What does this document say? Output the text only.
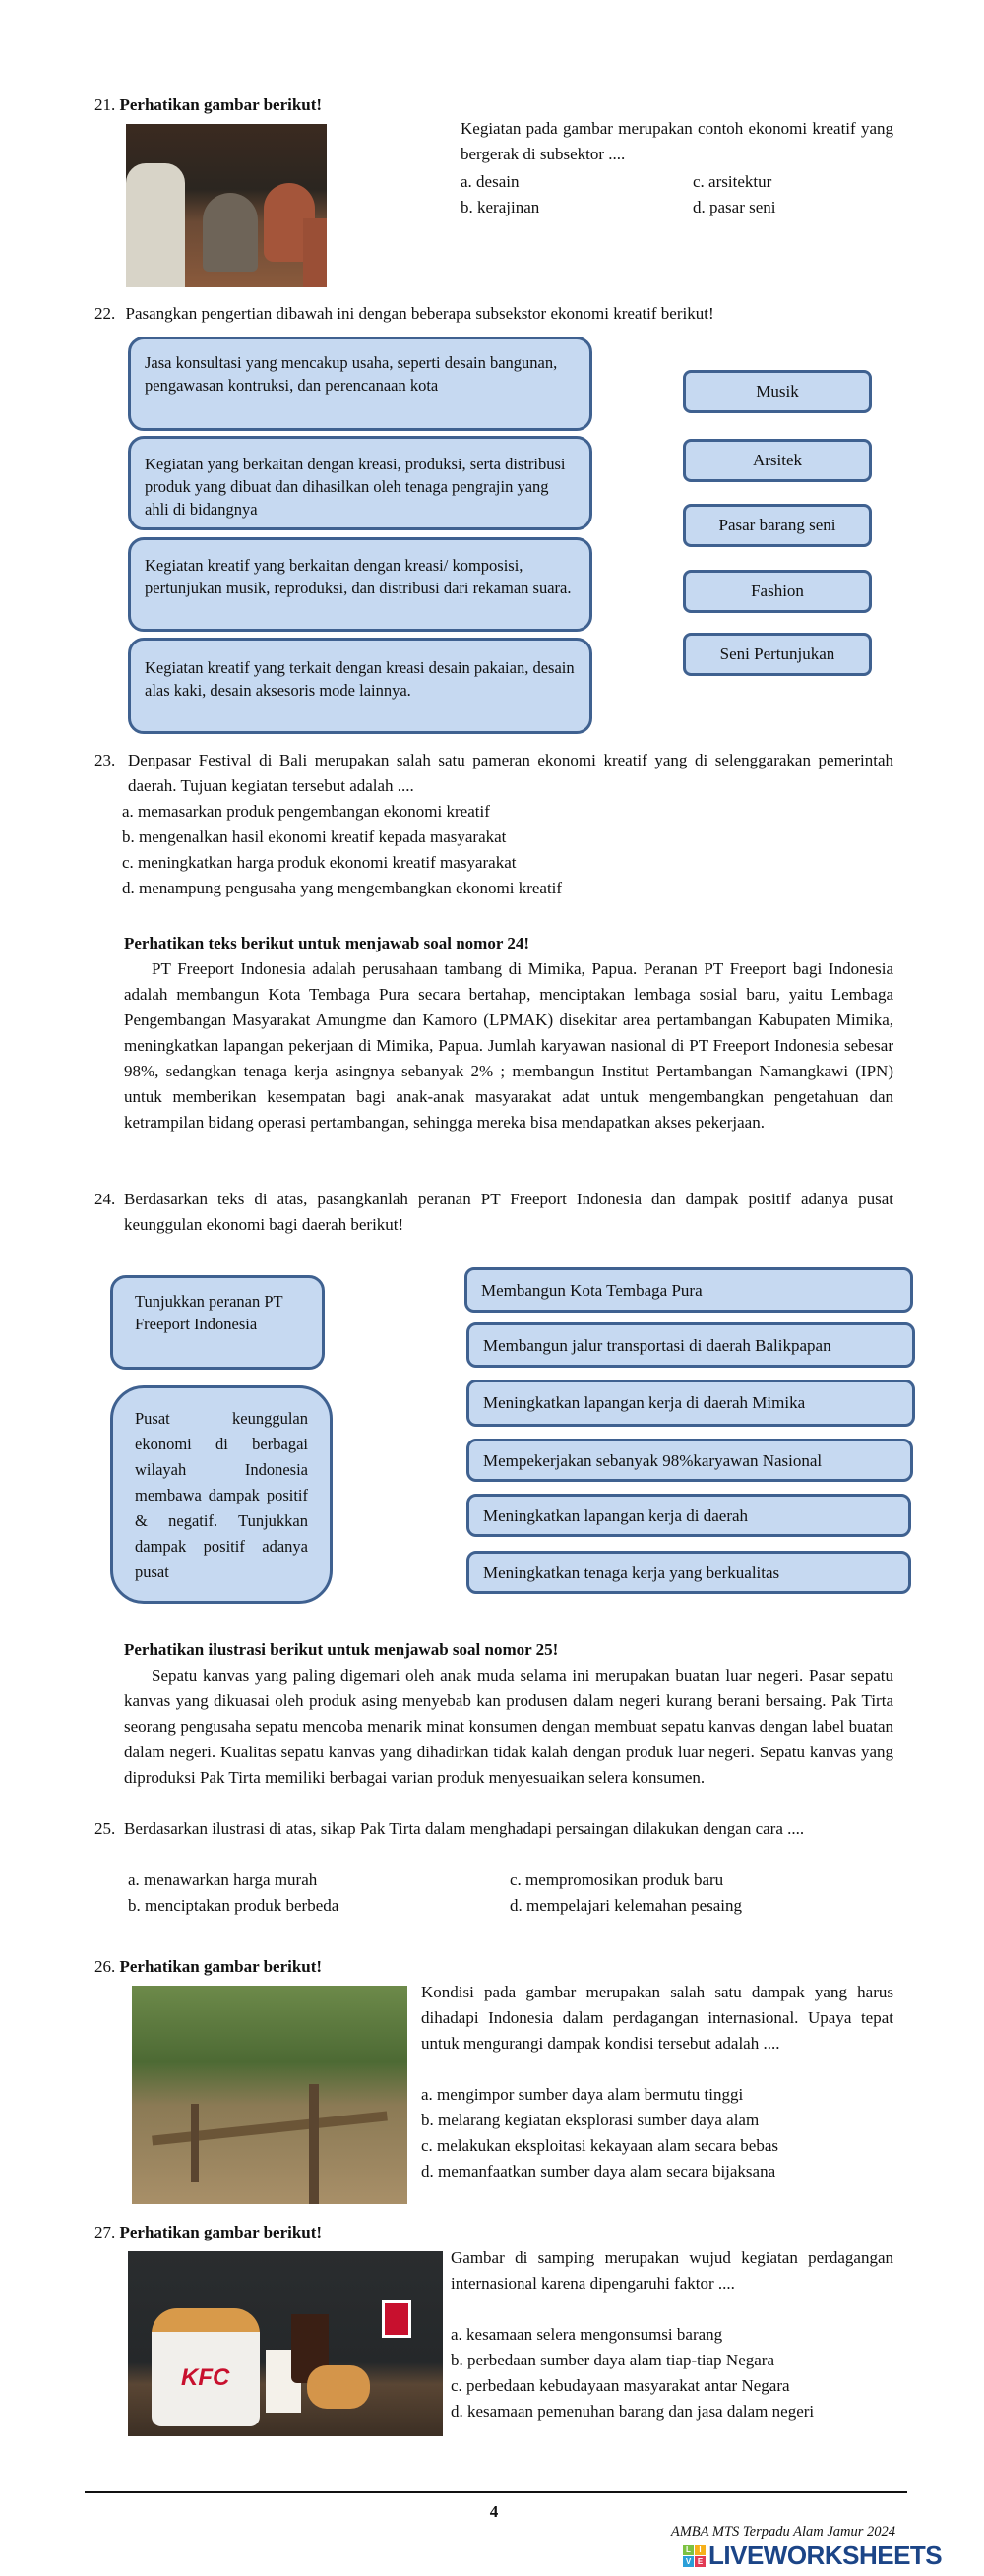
21. Perhatikan gambar berikut!
Kegiatan pada gambar merupakan contoh ekonomi kreatif yang bergerak di subsektor ....
a. desain	c. arsitektur
b. kerajinan	d. pasar seni
22. Pasangkan pengertian dibawah ini dengan beberapa subsekstor ekonomi kreatif berikut!
Jasa konsultasi yang mencakup usaha, seperti desain bangunan, pengawasan kontruksi, dan perencanaan kota
Kegiatan yang berkaitan dengan kreasi, produksi, serta distribusi produk yang dibuat dan dihasilkan oleh tenaga pengrajin yang ahli di bidangnya
Kegiatan kreatif yang berkaitan dengan kreasi/ komposisi, pertunjukan musik, reproduksi, dan distribusi dari rekaman suara.
Kegiatan kreatif yang terkait dengan kreasi desain pakaian, desain alas kaki, desain aksesoris mode lainnya.
Musik
Arsitek
Pasar barang seni
Fashion
Seni Pertunjukan
23. Denpasar Festival di Bali merupakan salah satu pameran ekonomi kreatif yang di selenggarakan pemerintah daerah. Tujuan kegiatan tersebut adalah ....
a. memasarkan produk pengembangan ekonomi kreatif
b. mengenalkan hasil ekonomi kreatif kepada masyarakat
c. meningkatkan harga produk ekonomi kreatif masyarakat
d. menampung pengusaha yang mengembangkan ekonomi kreatif
Perhatikan teks berikut untuk menjawab soal nomor 24!
PT Freeport Indonesia adalah perusahaan tambang di Mimika, Papua. Peranan PT Freeport bagi Indonesia adalah membangun Kota Tembaga Pura secara bertahap, menciptakan lembaga sosial baru, yaitu Lembaga Pengembangan Masyarakat Amungme dan Kamoro (LPMAK) disekitar area pertambangan Kabupaten Mimika, meningkatkan lapangan pekerjaan di Mimika, Papua. Jumlah karyawan nasional di PT Freeport Indonesia sebesar 98%, sedangkan tenaga kerja asingnya sebanyak 2% ; membangun Institut Pertambangan Namangkawi (IPN) untuk memberikan kesempatan bagi anak-anak masyarakat adat untuk mengembangkan pengetahuan dan ketrampilan bidang operasi pertambangan, sehingga mereka bisa mendapatkan akses pekerjaan.
24. Berdasarkan teks di atas, pasangkanlah peranan PT Freeport Indonesia dan dampak positif adanya pusat keunggulan ekonomi bagi daerah berikut!
Tunjukkan peranan PT Freeport Indonesia
Pusat keunggulan ekonomi di berbagai wilayah Indonesia membawa dampak positif & negatif. Tunjukkan dampak positif adanya pusat
Membangun Kota Tembaga Pura
Membangun jalur transportasi di daerah Balikpapan
Meningkatkan lapangan kerja di daerah Mimika
Mempekerjakan sebanyak 98%karyawan Nasional
Meningkatkan lapangan kerja di daerah
Meningkatkan tenaga kerja yang berkualitas
Perhatikan ilustrasi berikut untuk menjawab soal nomor 25!
Sepatu kanvas yang paling digemari oleh anak muda selama ini merupakan buatan luar negeri. Pasar sepatu kanvas yang dikuasai oleh produk asing menyebab kan produsen dalam negeri kurang berani bersaing. Pak Tirta seorang pengusaha sepatu mencoba menarik minat konsumen dengan membuat sepatu kanvas dengan label buatan dalam negeri. Kualitas sepatu kanvas yang dihadirkan tidak kalah dengan produk luar negeri. Sepatu kanvas yang diproduksi Pak Tirta memiliki berbagai varian produk menyesuaikan selera konsumen.
25. Berdasarkan ilustrasi di atas, sikap Pak Tirta dalam menghadapi persaingan dilakukan dengan cara ....
a. menawarkan harga murah	c. mempromosikan produk baru
b. menciptakan produk berbeda	d. mempelajari kelemahan pesaing
26. Perhatikan gambar berikut!
Kondisi pada gambar merupakan salah satu dampak yang harus dihadapi Indonesia dalam perdagangan internasional. Upaya tepat untuk mengurangi dampak kondisi tersebut adalah ....
a. mengimpor sumber daya alam bermutu tinggi
b. melarang kegiatan eksplorasi sumber daya alam
c. melakukan eksploitasi kekayaan alam secara bebas
d. memanfaatkan sumber daya alam secara bijaksana
27. Perhatikan gambar berikut!
KFC
Gambar di samping merupakan wujud kegiatan perdagangan internasional karena dipengaruhi faktor ....
a. kesamaan selera mengonsumsi barang
b. perbedaan sumber daya alam tiap-tiap Negara
c. perbedaan kebudayaan masyarakat antar Negara
d. kesamaan pemenuhan barang dan jasa dalam negeri
4
AMBA MTS Terpadu Alam Jamur 2024
L	I
V E LIVEWORKSHEETS
